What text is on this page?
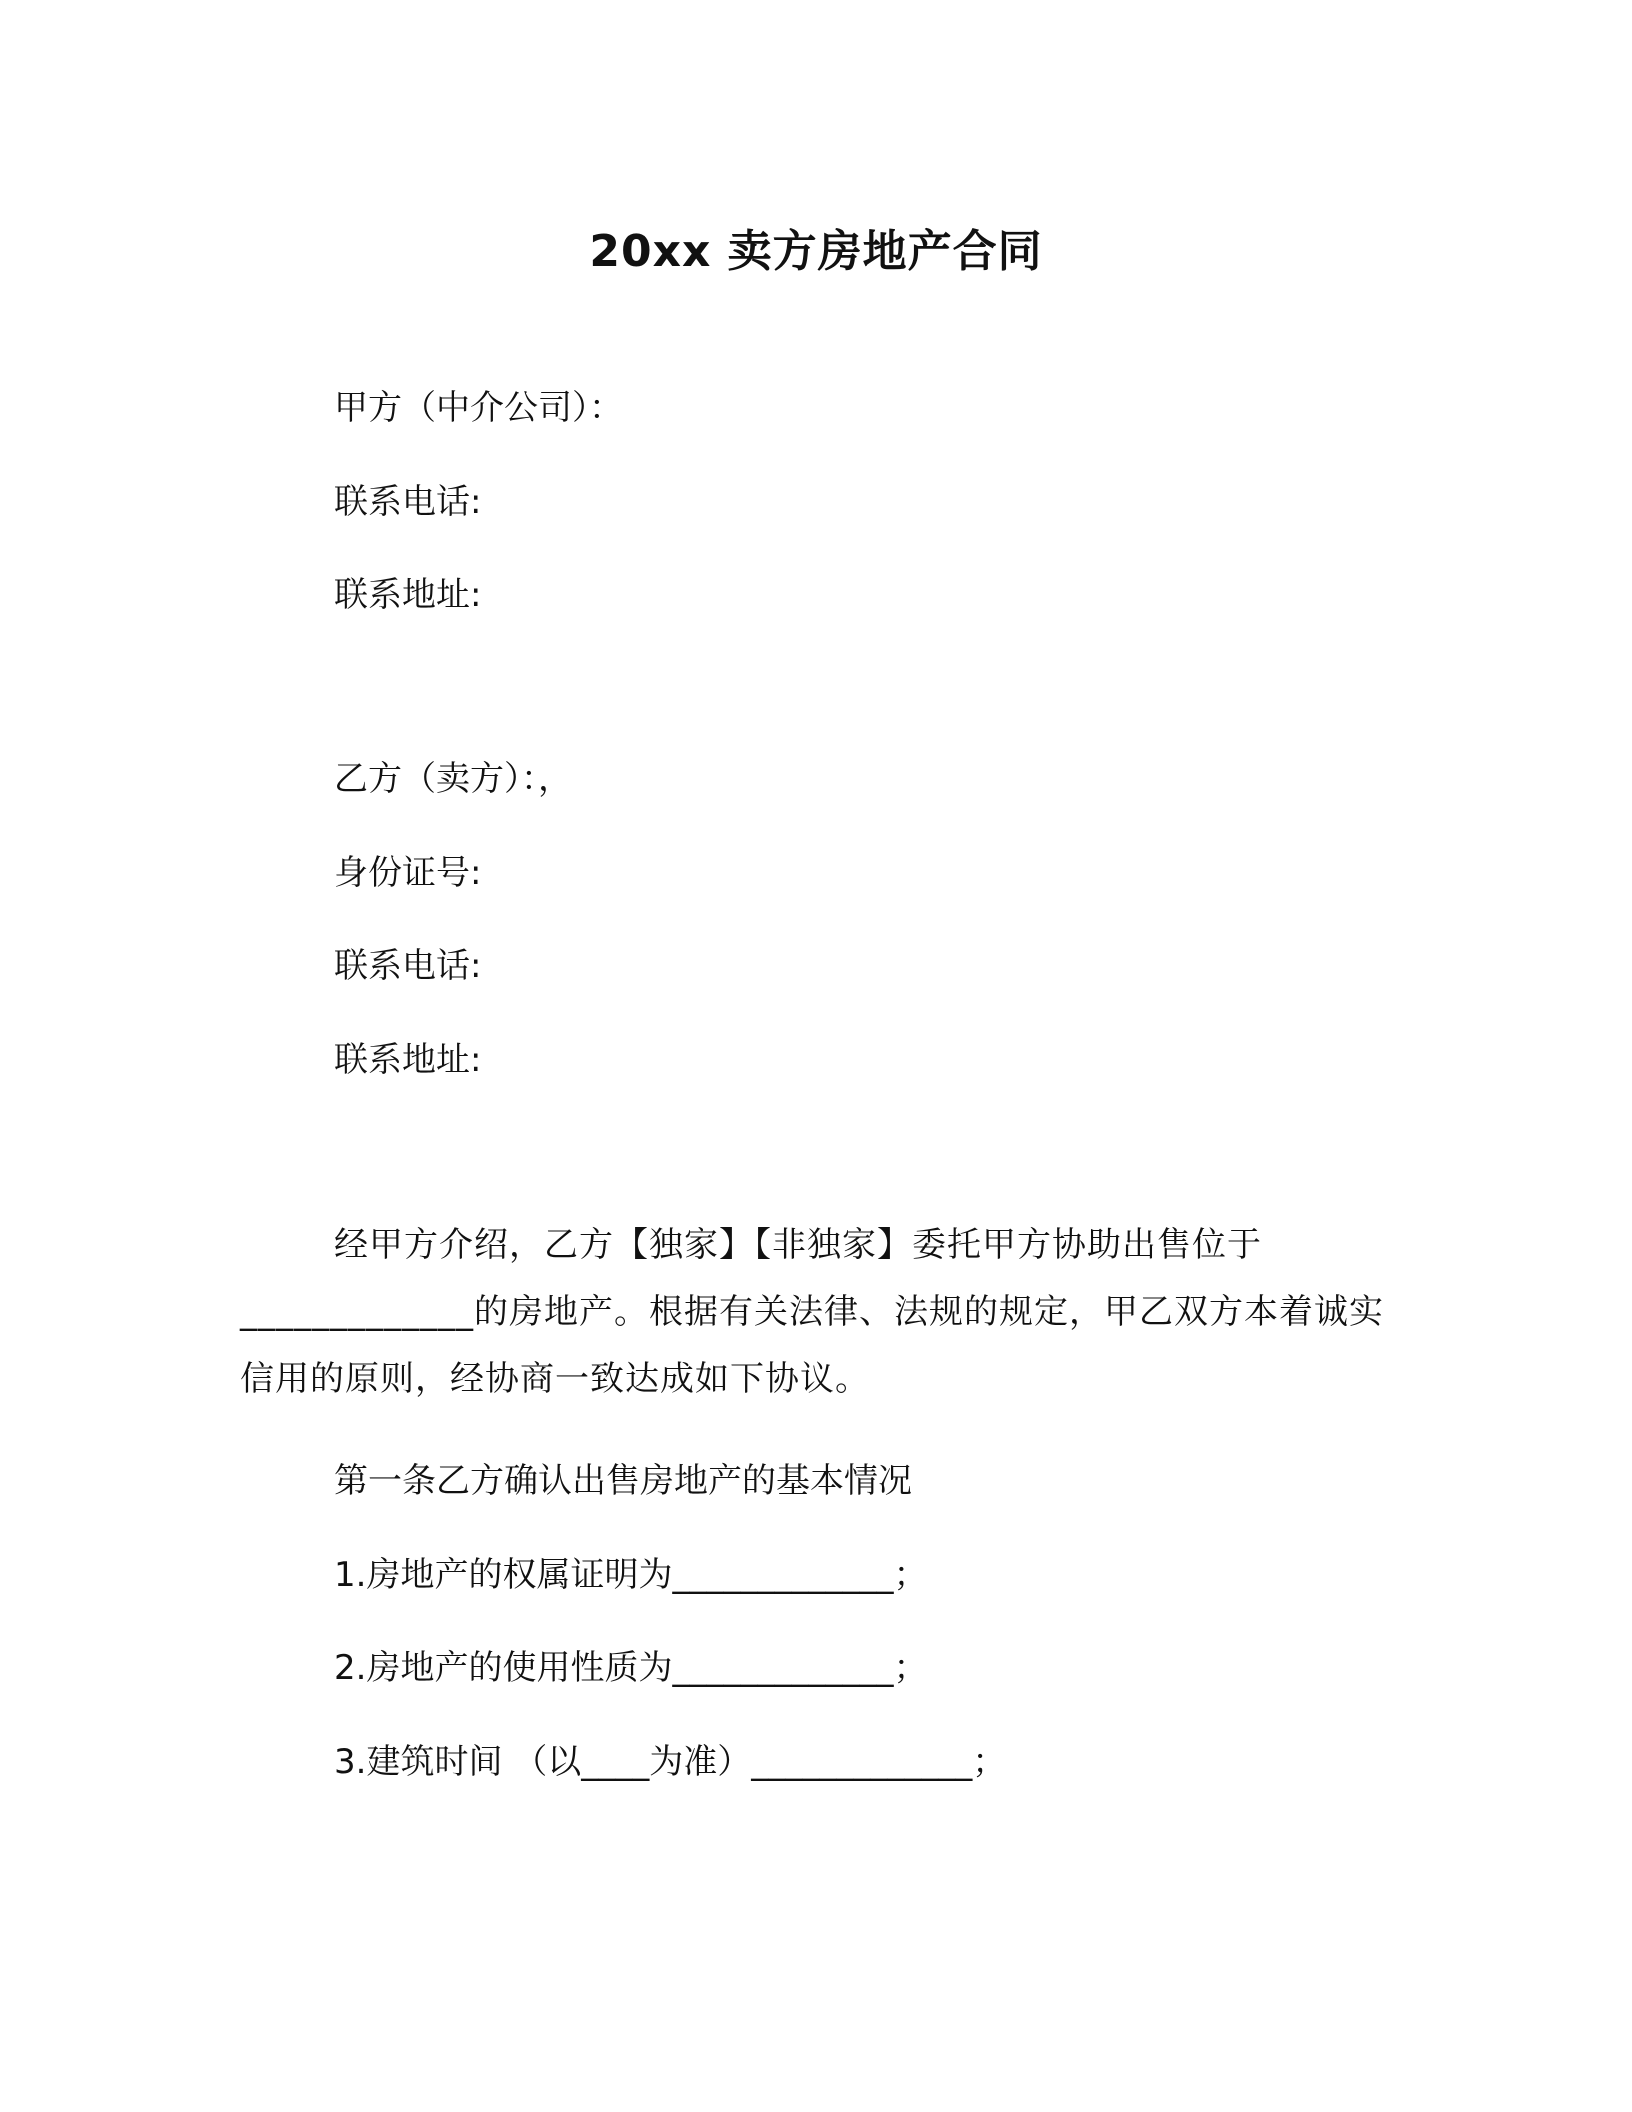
20xx 卖方房地产合同
甲方（中介公司）：
联系电话:
联系地址:
乙方（卖方）：，
身份证号:
联系电话:
联系地址:
经甲方介绍，乙方【独家】【非独家】委托甲方协助出售位于_____________的房地产。根据有关法律、法规的规定，甲乙双方本着诚实信用的原则，经协商一致达成如下协议。
第一条乙方确认出售房地产的基本情况
1.房地产的权属证明为_____________；
2.房地产的使用性质为_____________；
3.建筑时间 （以____为准）_____________；
